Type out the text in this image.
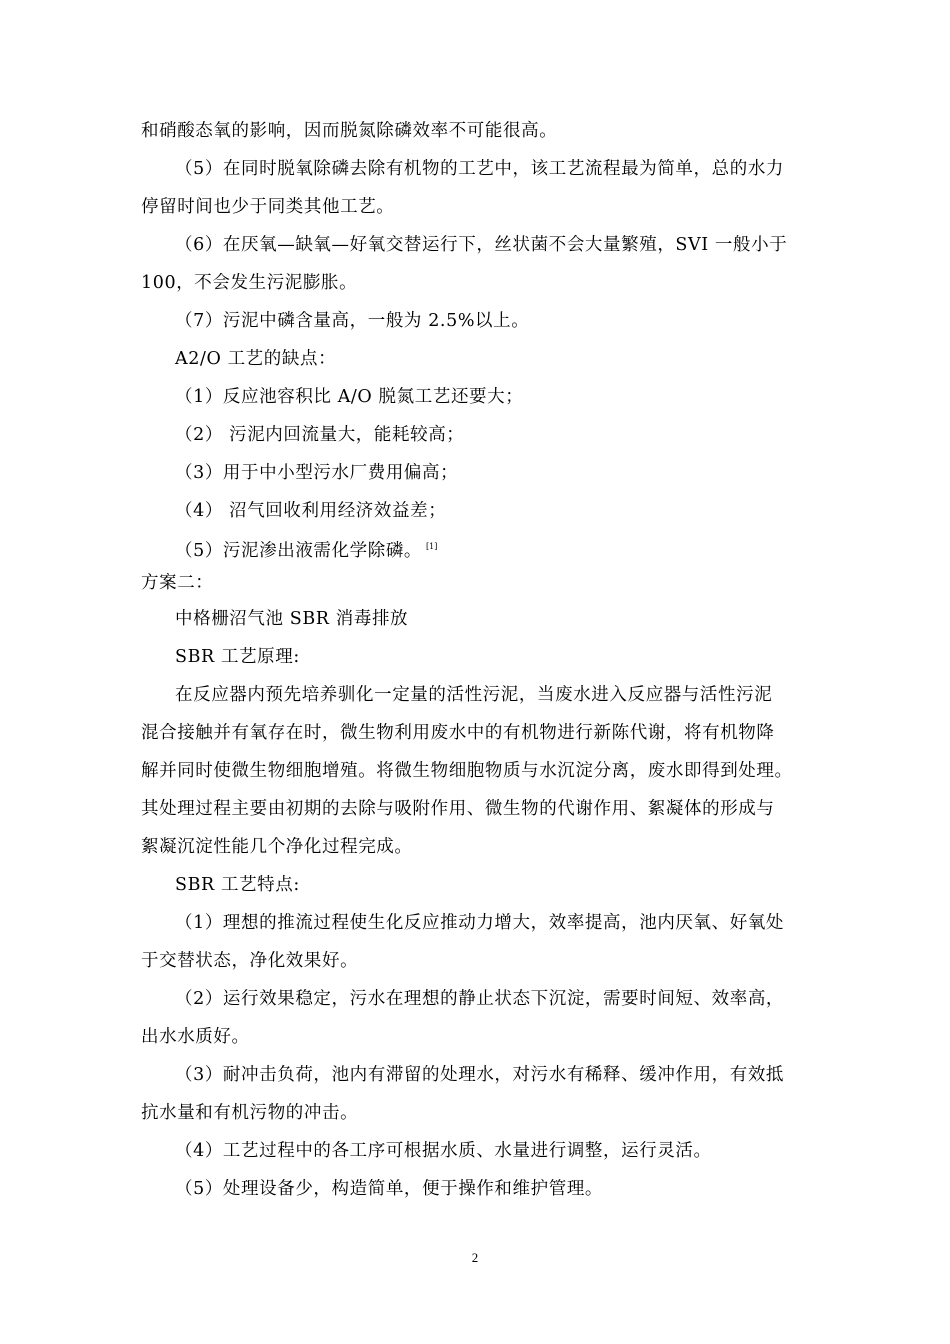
和硝酸态氧的影响，因而脱氮除磷效率不可能很高。
（5）在同时脱氧除磷去除有机物的工艺中，该工艺流程最为简单，总的水力
停留时间也少于同类其他工艺。
（6）在厌氧—缺氧—好氧交替运行下，丝状菌不会大量繁殖，SVI 一般小于
100，不会发生污泥膨胀。
（7）污泥中磷含量高，一般为 2.5%以上。
A2/O 工艺的缺点：
（1）反应池容积比 A/O 脱氮工艺还要大；
（2） 污泥内回流量大，能耗较高；
（3）用于中小型污水厂费用偏高；
（4） 沼气回收利用经济效益差；
（5）污泥渗出液需化学除磷。 [1]
方案二：
中格栅沼气池 SBR 消毒排放
SBR 工艺原理:
在反应器内预先培养驯化一定量的活性污泥，当废水进入反应器与活性污泥
混合接触并有氧存在时，微生物利用废水中的有机物进行新陈代谢，将有机物降
解并同时使微生物细胞增殖。将微生物细胞物质与水沉淀分离，废水即得到处理。
其处理过程主要由初期的去除与吸附作用、微生物的代谢作用、絮凝体的形成与
絮凝沉淀性能几个净化过程完成。
SBR 工艺特点:
（1）理想的推流过程使生化反应推动力增大，效率提高，池内厌氧、好氧处
于交替状态，净化效果好。
（2）运行效果稳定，污水在理想的静止状态下沉淀，需要时间短、效率高，
出水水质好。
（3）耐冲击负荷，池内有滞留的处理水，对污水有稀释、缓冲作用，有效抵
抗水量和有机污物的冲击。
（4）工艺过程中的各工序可根据水质、水量进行调整，运行灵活。
（5）处理设备少，构造简单，便于操作和维护管理。
2
